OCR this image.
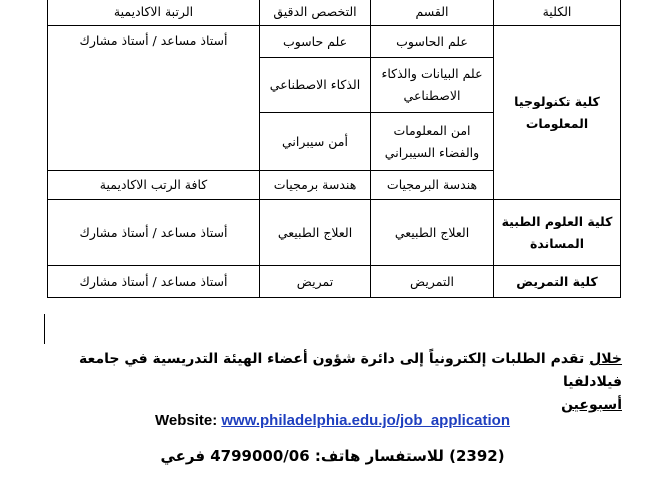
الكلية	القسم	التخصص الدقيق	الرتبة الاكاديمية
كلية تكنولوجيا المعلومات	علم الحاسوب	علم حاسوب	أستاذ مساعد / أستاذ مشارك
	علم البيانات والذكاء الاصطناعي	الذكاء الاصطناعي	
	امن المعلومات والفضاء السيبراني	أمن سيبراني	
	هندسة البرمجيات	هندسة برمجيات	كافة الرتب الاكاديمية
كلية العلوم الطبية المساندة	العلاج الطبيعي	العلاج الطبيعي	أستاذ مساعد / أستاذ مشارك
كلية التمريض	التمريض	تمريض	أستاذ مساعد / أستاذ مشارك
خلال تقدم الطلبات إلكترونياً إلى دائرة شؤون أعضاء الهيئة التدريسية في جامعة فيلادلفيا
أسبوعين
Website: www.philadelphia.edu.jo/job_application
(2392) للاستفسار هاتف: 4799000/06 فرعي
